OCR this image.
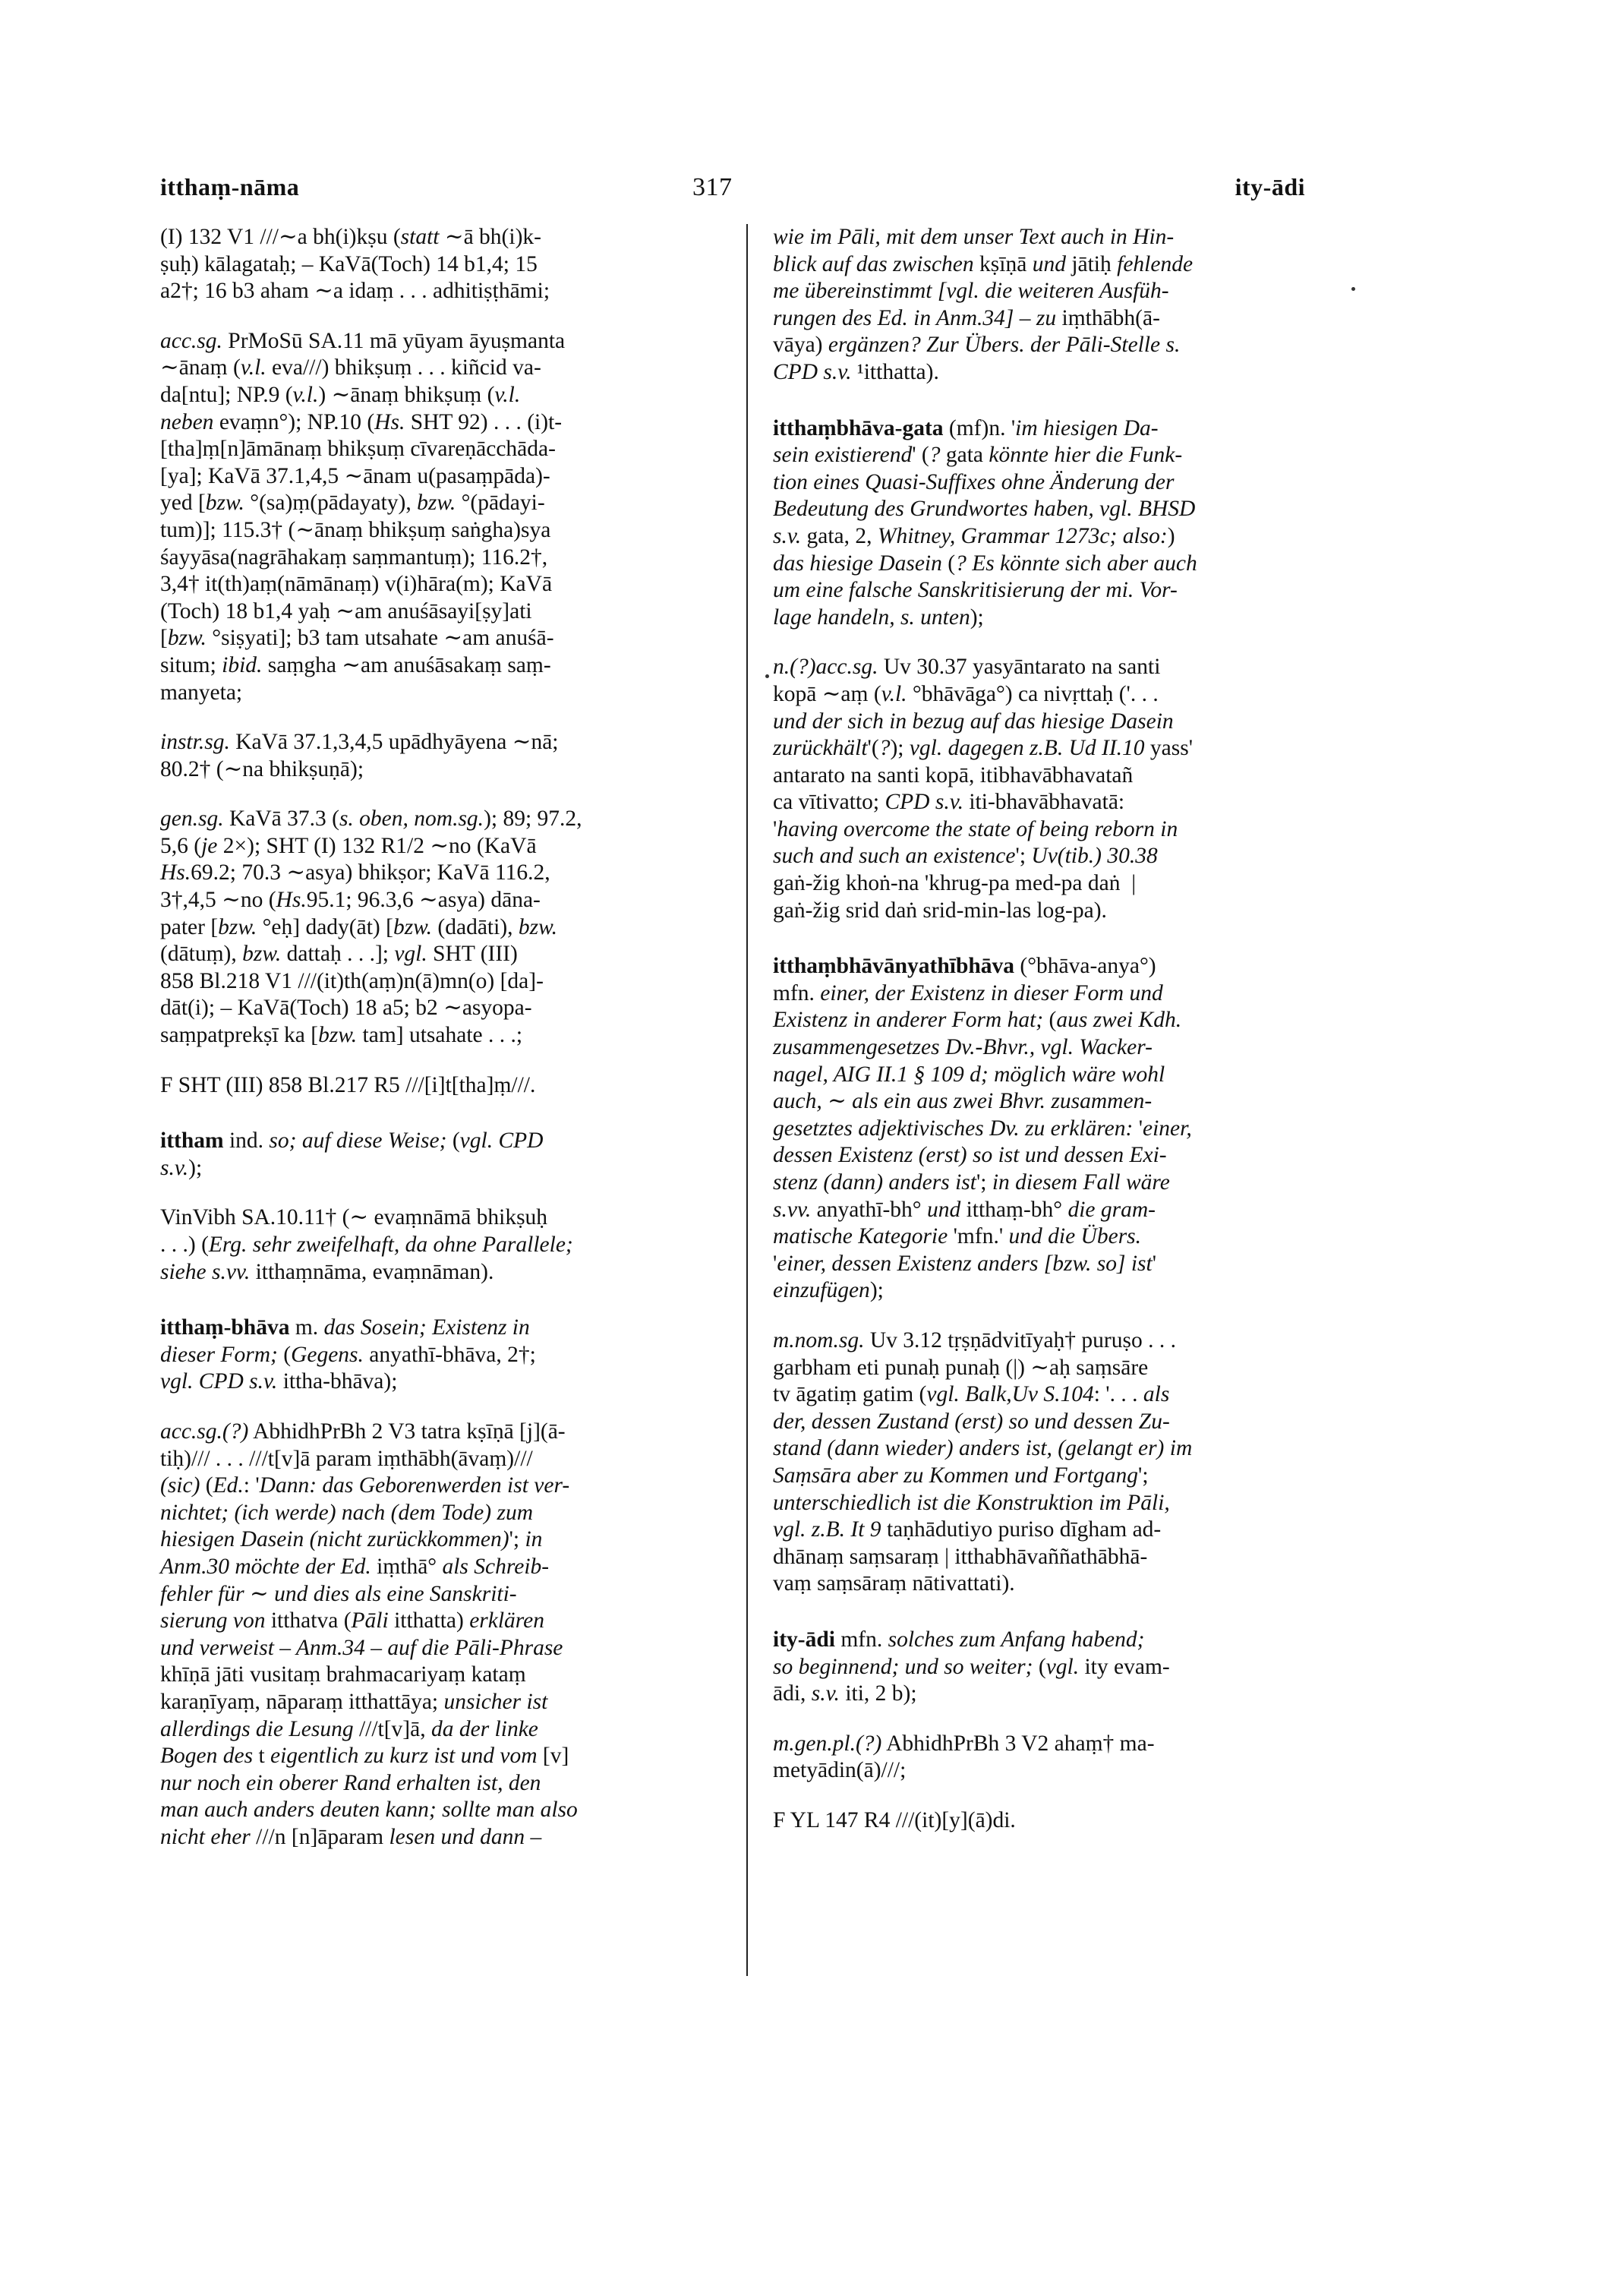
itthaṃ-nāma	317	ity-ādi
(I) 132 V1 ///∼a bh(i)kṣu (statt ∼ā bh(i)k-
ṣuḥ) kālagataḥ; – KaVā(Toch) 14 b1,4; 15
a2†; 16 b3 aham ∼a idaṃ . . . adhitiṣṭhāmi;
acc.sg. PrMoSū SA.11 mā yūyam āyuṣmanta
∼ānaṃ (v.l. eva///) bhikṣuṃ . . . kiñcid va-
da[ntu]; NP.9 (v.l.) ∼ānaṃ bhikṣuṃ (v.l.
neben evaṃn°); NP.10 (Hs. SHT 92) . . . (i)t-
[tha]ṃ[n]āmānaṃ bhikṣuṃ cīvareṇācchāda-
[ya]; KaVā 37.1,4,5 ∼ānam u(pasaṃpāda)-
yed [bzw. °(sa)ṃ(pādayaty), bzw. °(pādayi-
tum)]; 115.3† (∼ānaṃ bhikṣuṃ saṅgha)sya
śayyāsa(nagrāhakaṃ saṃmantuṃ); 116.2†,
3,4† it(th)aṃ(nāmānaṃ) v(i)hāra(m); KaVā
(Toch) 18 b1,4 yaḥ ∼am anuśāsayi[ṣy]ati
[bzw. °siṣyati]; b3 tam utsahate ∼am anuśā-
situm; ibid. saṃgha ∼am anuśāsakaṃ saṃ-
manyeta;
instr.sg. KaVā 37.1,3,4,5 upādhyāyena ∼nā;
80.2† (∼na bhikṣuṇā);
gen.sg. KaVā 37.3 (s. oben, nom.sg.); 89; 97.2,
5,6 (je 2×); SHT (I) 132 R1/2 ∼no (KaVā
Hs.69.2; 70.3 ∼asya) bhikṣor; KaVā 116.2,
3†,4,5 ∼no (Hs.95.1; 96.3,6 ∼asya) dāna-
pater [bzw. °eḥ] dady(āt) [bzw. (dadāti), bzw.
(dātuṃ), bzw. dattaḥ . . .]; vgl. SHT (III)
858 Bl.218 V1 ///(it)th(aṃ)n(ā)mn(o) [da]-
dāt(i); – KaVā(Toch) 18 a5; b2 ∼asyopa-
saṃpatprekṣī ka [bzw. tam] utsahate . . .;
F SHT (III) 858 Bl.217 R5 ///[i]t[tha]ṃ///.
ittham ind. so; auf diese Weise; (vgl. CPD
s.v.);
VinVibh SA.10.11† (∼ evaṃnāmā bhikṣuḥ
. . .) (Erg. sehr zweifelhaft, da ohne Parallele;
siehe s.vv. itthaṃnāma, evaṃnāman).
itthaṃ-bhāva m. das Sosein; Existenz in
dieser Form; (Gegens. anyathī-bhāva, 2†;
vgl. CPD s.v. ittha-bhāva);
acc.sg.(?) AbhidhPrBh 2 V3 tatra kṣīṇā [j](ā-
tiḥ)/// . . . ///t[v]ā param iṃthābh(āvaṃ)///
(sic) (Ed.: 'Dann: das Geborenwerden ist ver-
nichtet; (ich werde) nach (dem Tode) zum
hiesigen Dasein (nicht zurückkommen)'; in
Anm.30 möchte der Ed. iṃthā° als Schreib-
fehler für ∼ und dies als eine Sanskriti-
sierung von itthatva (Pāli itthatta) erklären
und verweist – Anm.34 – auf die Pāli-Phrase
khīṇā jāti vusitaṃ brahmacariyaṃ kataṃ
karaṇīyaṃ, nāparaṃ itthattāya; unsicher ist
allerdings die Lesung ///t[v]ā, da der linke
Bogen des t eigentlich zu kurz ist und vom [v]
nur noch ein oberer Rand erhalten ist, den
man auch anders deuten kann; sollte man also
nicht eher ///n [n]āparam lesen und dann –
wie im Pāli, mit dem unser Text auch in Hin-
blick auf das zwischen kṣīṇā und jātiḥ fehlende
me übereinstimmt [vgl. die weiteren Ausfüh-
rungen des Ed. in Anm.34] – zu iṃthābh(ā-
vāya) ergänzen? Zur Übers. der Pāli-Stelle s.
CPD s.v. ¹itthatta).
itthaṃbhāva-gata (mf)n. 'im hiesigen Da-
sein existierend' (? gata könnte hier die Funk-
tion eines Quasi-Suffixes ohne Änderung der
Bedeutung des Grundwortes haben, vgl. BHSD
s.v. gata, 2, Whitney, Grammar 1273c; also:)
das hiesige Dasein (? Es könnte sich aber auch
um eine falsche Sanskritisierung der mi. Vor-
lage handeln, s. unten);
n.(?)acc.sg. Uv 30.37 yasyāntarato na santi
kopā ∼aṃ (v.l. °bhāvāga°) ca nivṛttaḥ ('. . .
und der sich in bezug auf das hiesige Dasein
zurückhält'(?); vgl. dagegen z.B. Ud II.10 yass'
antarato na santi kopā, itibhavābhavatañ
ca vītivatto; CPD s.v. iti-bhavābhavatā:
'having overcome the state of being reborn in
such and such an existence'; Uv(tib.) 30.38
gaṅ-žig khoṅ-na 'khrug-pa med-pa daṅ  |
gaṅ-žig srid daṅ srid-min-las log-pa).
itthaṃbhāvānyathībhāva (°bhāva-anya°)
mfn. einer, der Existenz in dieser Form und
Existenz in anderer Form hat; (aus zwei Kdh.
zusammengesetzes Dv.-Bhvr., vgl. Wacker-
nagel, AIG II.1 § 109 d; möglich wäre wohl
auch, ∼ als ein aus zwei Bhvr. zusammen-
gesetztes adjektivisches Dv. zu erklären: 'einer,
dessen Existenz (erst) so ist und dessen Exi-
stenz (dann) anders ist'; in diesem Fall wäre
s.vv. anyathī-bh° und itthaṃ-bh° die gram-
matische Kategorie 'mfn.' und die Übers.
'einer, dessen Existenz anders [bzw. so] ist'
einzufügen);
m.nom.sg. Uv 3.12 tṛṣṇādvitīyaḥ† puruṣo . . .
garbham eti punaḥ punaḥ (|) ∼aḥ saṃsāre
tv āgatiṃ gatim (vgl. Balk,Uv S.104: '. . . als
der, dessen Zustand (erst) so und dessen Zu-
stand (dann wieder) anders ist, (gelangt er) im
Saṃsāra aber zu Kommen und Fortgang';
unterschiedlich ist die Konstruktion im Pāli,
vgl. z.B. It 9 taṇhādutiyo puriso dīgham ad-
dhānaṃ saṃsaraṃ | itthabhāvaññathābhā-
vaṃ saṃsāraṃ nātivattati).
ity-ādi mfn. solches zum Anfang habend;
so beginnend; und so weiter; (vgl. ity evam-
ādi, s.v. iti, 2 b);
m.gen.pl.(?) AbhidhPrBh 3 V2 ahaṃ† ma-
metyādin(ā)///;
F YL 147 R4 ///(it)[y](ā)di.
